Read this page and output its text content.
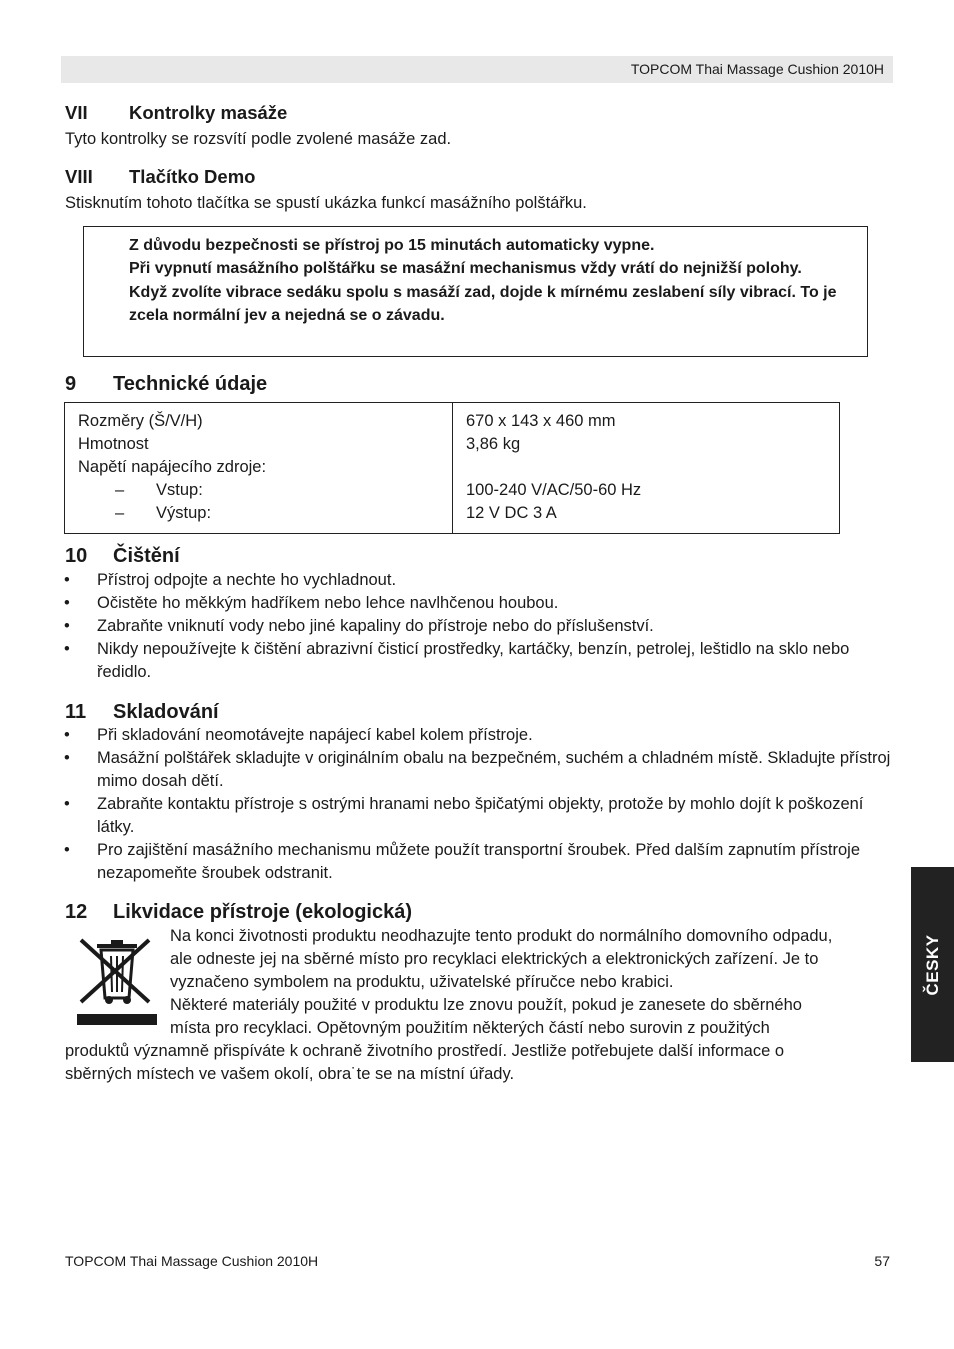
TOPCOM Thai Massage Cushion 2010H
VII Kontrolky masáže
Tyto kontrolky se rozsvítí podle zvolené masáže zad.
VIII Tlačítko Demo
Stisknutím tohoto tlačítka se spustí ukázka funkcí masážního polštářku.
Z důvodu bezpečnosti se přístroj po 15 minutách automaticky vypne.
Při vypnutí masážního polštářku se masážní mechanismus vždy vrátí do nejnižší polohy.
Když zvolíte vibrace sedáku spolu s masáží zad, dojde k mírnému zeslabení síly vibrací. To je zcela normální jev a nejedná se o závadu.
9 Technické údaje
Rozměry (Š/V/H)
Hmotnost
Napětí napájecího zdroje:
– Vstup:
– Výstup:
670 x 143 x 460 mm
3,86 kg
100-240 V/AC/50-60 Hz
12 V DC 3 A
10 Čištění
• Přístroj odpojte a nechte ho vychladnout.
• Očistěte ho měkkým hadříkem nebo lehce navlhčenou houbou.
• Zabraňte vniknutí vody nebo jiné kapaliny do přístroje nebo do příslušenství.
• Nikdy nepoužívejte k čištění abrazivní čisticí prostředky, kartáčky, benzín, petrolej, leštidlo na sklo nebo ředidlo.
11 Skladování
• Při skladování neomotávejte napájecí kabel kolem přístroje.
• Masážní polštářek skladujte v originálním obalu na bezpečném, suchém a chladném místě. Skladujte přístroj mimo dosah dětí.
• Zabraňte kontaktu přístroje s ostrými hranami nebo špičatými objekty, protože by mohlo dojít k poškození látky.
• Pro zajištění masážního mechanismu můžete použít transportní šroubek. Před dalším zapnutím přístroje nezapomeňte šroubek odstranit.
12 Likvidace přístroje (ekologická)
Na konci životnosti produktu neodhazujte tento produkt do normálního domovního odpadu,
ale odneste jej na sběrné místo pro recyklaci elektrických a elektronických zařízení. Je to
vyznačeno symbolem na produktu, uživatelské příručce nebo krabici.
Některé materiály použité v produktu lze znovu použít, pokud je zanesete do sběrného
místa pro recyklaci. Opětovným použitím některých částí nebo surovin z použitých
produktů významně přispíváte k ochraně životního prostředí. Jestliže potřebujete další informace o
sběrných místech ve vašem okolí, obra˙te se na místní úřady.
ČESKY
TOPCOM Thai Massage Cushion 2010H	57
